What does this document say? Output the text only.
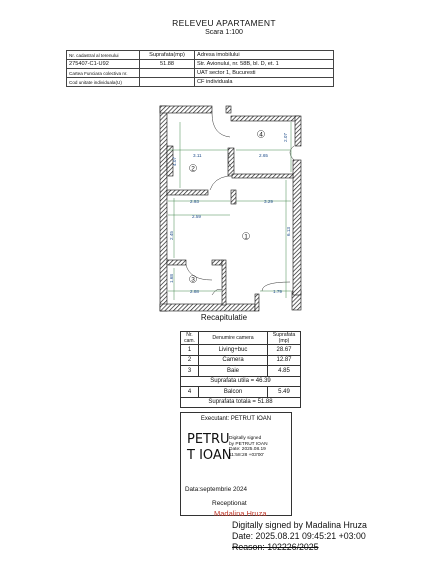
RELEVEU APARTAMENT
Scara 1:100
Nr. cadastral al terenului	Suprafata(mp)	Adresa imobilului
275407-C1-U92	51.88	Str. Avionului, nr. 58B, bl. D, et. 1
Cartea Funciara colectiva nr.		UAT sector 1, Bucuresti
Cod unitate individuala(U)		CF individuala
3.11	2.65
2.07
4.07
2.93	3.29
2.59
2.45	6.13
1.68
2.88	1.79
4
2
1
3
Recapitulatie
Nr. cam.	Denumire camera	Suprafata (mp)
1	Living+buc	28.67
2	Camera	12.87
3	Baie	4.85
Suprafata utila = 46.39		
4	Balcon	5.49
Suprafata totala = 51.88		
Executant: PETRUT IOAN
PETRU
T IOAN
Digitally signed
by PETRUT IOAN
Date: 2025.08.19
11:58:28 +03'00'
Data:septembrie 2024
Receptionat
Madalina Hruza
Digitally signed by Madalina Hruza
Date: 2025.08.21 09:45:21 +03:00
Reason: 102226/2025
